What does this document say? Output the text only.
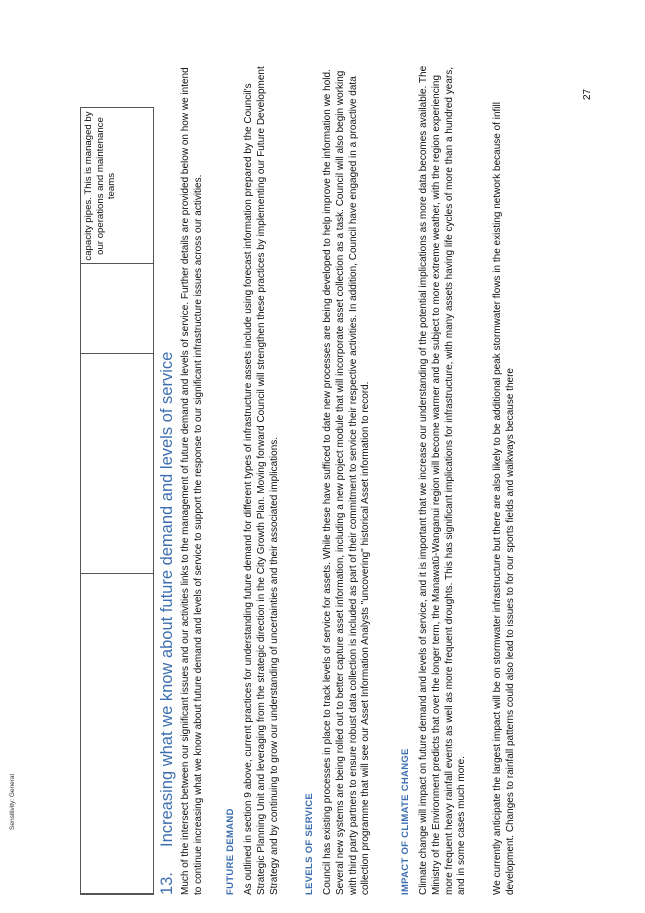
capacity pipes. This is managed by our operations and maintenance teams
13.Increasing what we know about future demand and levels of service Much of the intersect between our significant issues and our activities links to the management of future demand and levels of service. Further details are provided below on how we intend to continue increasing what we know about future demand and levels of service to support the response to our significant infrastructure issues across our activities. FUTURE DEMAND As outlined in section 9 above, current practices for understanding future demand for different types of infrastructure assets include using forecast information prepared by the Council's Strategic Planning Unit and leveraging from the strategic direction in the City Growth Plan. Moving forward Council will strengthen these practices by implementing our Future Development Strategy and by continuing to grow our understanding of uncertainties and their associated implications.	LEVELS OF SERVICE Council has existing processes in place to track levels of service for assets. While these have sufficed to date new processes are being developed to help improve the information we hold. Several new systems are being rolled out to better capture asset information, including a new project module that will incorporate asset collection as a task. Council will also begin working with third party partners to ensure robust data collection is included as part of their commitment to service their respective activities. In addition, Council have engaged in a proactive data collection programme that will see our Asset Information Analysts "uncovering" historical Asset information to record.	IMPACT OF CLIMATE CHANGE Climate change will impact on future demand and levels of service, and it is important that we increase our understanding of the potential implications as more data becomes available. The Ministry of the Environment predicts that over the longer term, the Manawatū-Wanganui region will become warmer and be subject to more extreme weather, with the region experiencing more frequent heavy rainfall events as well as more frequent droughts. This has significant implications for infrastructure, with many assets having life cycles of more than a hundred years, and in some cases much more. We currently anticipate the largest impact will be on stormwater infrastructure but there are also likely to be additional peak stormwater flows in the existing network because of infill development. Changes to rainfall patterns could also lead to issues to for our sports fields and walkways because there

27
Sensitivity: General
